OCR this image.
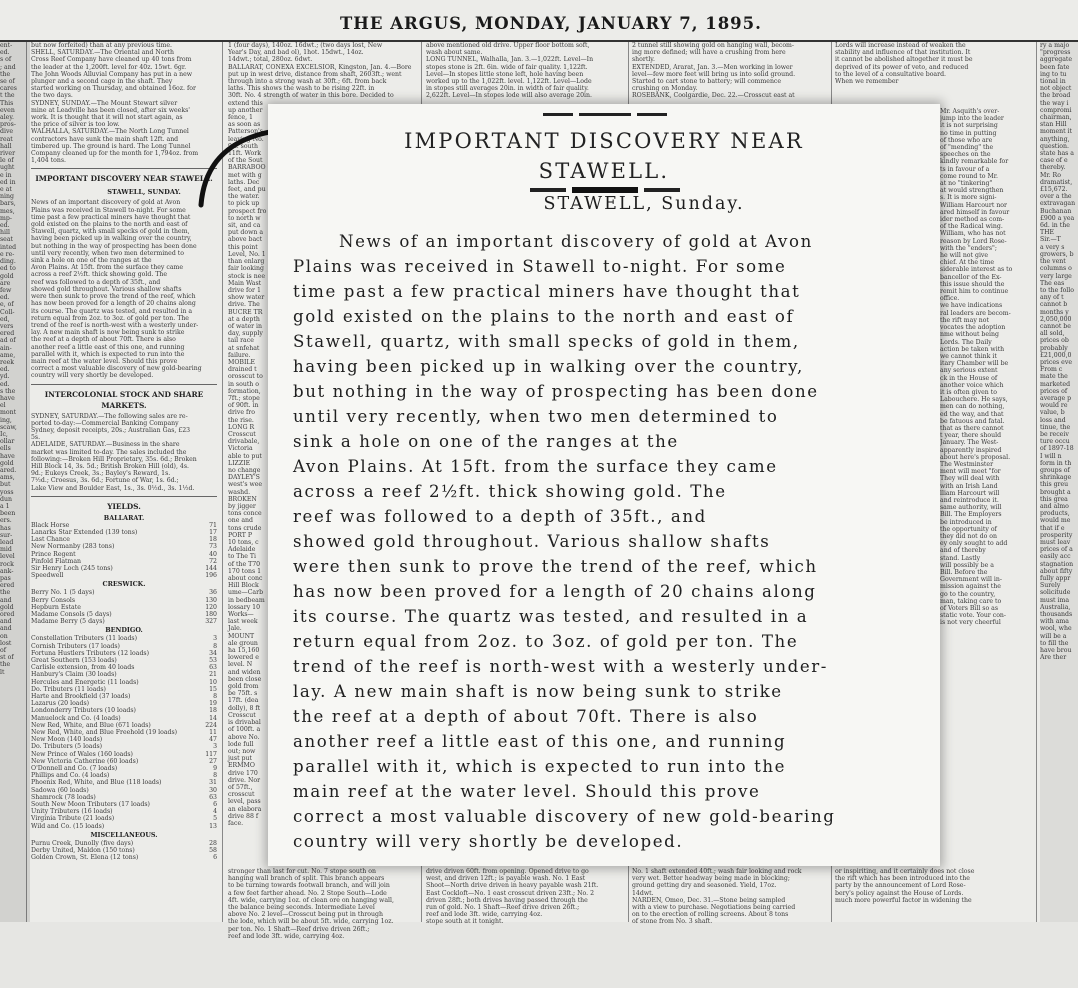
THE ARGUS, MONDAY, JANUARY 7, 1895.
ent-
ed.
s of
; and
the
se of
cares
t the
This
even
aley.
pros-
dive
reat
hall
river
le of
ught
e in
ed in
e at
ning
bars,
mes,
mp-
ed.
hill
seat
inted
e re-
ding.
ed to
gold
are
few
ed.
e, of
Coll-
ed,
vers
ered
ad of
ain-
ame,
reek
ed.
yd.
ed.
s the
have
el
mont
ing,
scaw,
Ic,
ollar
ells
have
gold
ared.
ams,
but
yoss
dun
a 1
been
ers.
has
sur-
lead
mid
level
rock
ank-
pas
ered
the
and
gold
ored
and
and
on
lost
of
st of
the
lt
but now forfeited) than at any previous time.
SHELL, SATURDAY.—The Oriental and North
Cross Reef Company have cleaned up 40 tons from
the leader at the 1,200ft. level for 40z. 15wt. 6gr.
The John Woods Alluvial Company has put in a new
plunger and a second cage in the shaft. They
started working on Thursday, and obtained 16oz. for
the two days.
SYDNEY, SUNDAY.—The Mount Stewart silver
mine at Leadville has been closed, after six weeks'
work. It is thought that it will not start again, as
the price of silver is too low.
WALHALLA, SATURDAY.—The North Long Tunnel
contractors have sunk the main shaft 12ft. and
timbered up. The ground is hard. The Long Tunnel
Company cleaned up for the month for 1,794oz. from
1,404 tons.
IMPORTANT DISCOVERY NEAR STAWELL.
STAWELL, SUNDAY.
News of an important discovery of gold at Avon
Plains was received in Stawell to-night. For some
time past a few practical miners have thought that
gold existed on the plains to the north and east of
Stawell, quartz, with small specks of gold in them,
having been picked up in walking over the country,
but nothing in the way of prospecting has been done
until very recently, when two men determined to
sink a hole on one of the ranges at the
Avon Plains. At 15ft. from the surface they came
across a reef 2½ft. thick showing gold. The
reef was followed to a depth of 35ft., and
showed gold throughout. Various shallow shafts
were then sunk to prove the trend of the reef, which
has now been proved for a length of 20 chains along
its course. The quartz was tested, and resulted in a
return equal from 2oz. to 3oz. of gold per ton. The
trend of the reef is north-west with a westerly under-
lay. A new main shaft is now being sunk to strike
the reef at a depth of about 70ft. There is also
another reef a little east of this one, and running
parallel with it, which is expected to run into the
main reef at the water level. Should this prove
correct a most valuable discovery of new gold-bearing
country will very shortly be developed.
INTERCOLONIAL STOCK AND SHARE MARKETS.
SYDNEY, SATURDAY.—The following sales are re-
ported to-day:—Commercial Banking Company
Sydney, deposit receipts, 20s.; Australian Gas, £23
5s.
ADELAIDE, SATURDAY.—Business in the share
market was limited to-day. The sales included the
following:—Broken Hill Proprietary, 35s. 6d.; Broken
Hill Block 14, 3s. 5d.; British Broken Hill (old), 4s.
9d.; Eukeys Creek, 3s.; Bayley's Reward, 1s.
7½d.; Croesus, 3s. 6d.; Fortune of War, 1s. 6d.;
Lake View and Boulder East, 1s., 3s. 0½d., 3s. 1½d.
YIELDS.
BALLARAT.
Black Horse	71
Lanarks Star Extended (139 tons)	17
Last Chance	18
New Normanby (283 tons)	73
Prince Regent	40
Pinfold Flatman	72
Sir Henry Loch (245 tons)	144
Speedwell	196
CRESWICK.
Berry No. 1 (5 days)	36
Berry Consols	130
Hepburn Estate	120
Madame Consols (5 days)	180
Madame Berry (5 days)	327
BENDIGO.
Constellation Tributers (11 loads)	3
Cornish Tributers (17 loads)	8
Fortuna Hustlers Tributers (12 loads)	34
Great Southern (153 loads)	53
Carlisle extension, from 40 loads	63
Hanbury's Claim (30 loads)	21
Hercules and Energetic (11 loads)	10
Do. Tributers (11 loads)	15
Harte and Brookfield (37 loads)	8
Lazarus (20 loads)	19
Londonderry Tributers (10 loads)	18
Manuelock and Co. (4 loads)	14
New Red, White, and Blue (671 loads)	224
New Red, White, and Blue Freehold (19 loads)	11
New Moon (140 loads)	47
Do. Tributers (5 loads)	3
New Prince of Wales (160 loads)	117
New Victoria Catherine (60 loads)	27
O'Donnell and Co. (7 loads)	9
Phillips and Co. (4 loads)	8
Phoenix Red, White, and Blue (118 loads)	31
Sadowa (60 loads)	30
Shamrock (78 loads)	63
South New Moon Tributers (17 loads)	6
Unity Tributers (16 loads)	4
Virginia Tribute (21 loads)	5
Wild and Co. (15 loads)	13
MISCELLANEOUS.
Purnu Creek, Dunolly (five days)	28
Derby United, Maldon (150 tons)	58
Golden Crown, St. Elena (12 tons)	6
1 (four days), 140oz. 16dwt.; (two days lost, New
Year's Day, and bad ol), 1hot. 15dwt., 14oz.
14dwt.; total, 280oz. 6dwt.
BALLARAT, CONEXA EXCELSIOR, Kingston, Jan. 4.—Bore
put up in west drive, distance from shaft, 2603ft.; went
through into a strong wash at 30ft.; 6ft. from back
laths. This shows the wash to be rising 22ft. in
30ft. No. 4 strength of water in this bore. Decided to
extend this
up another
fence, 1
as soon as
Patterson's
leaving No.
9ft. south
11ft. Work
of the Sout
BARRABOO
met with g
laths. Dec
feet, and pu
the water.
to pick up
prospect fro
to north w
sit, and ca
put down a
above bact
this point
Level, No. 1
than enlarg
fair looking
stock is nee
Main Wast
drive for 1
show water
drive. The
BUCRE TR
at a depth
of water in
day, supply
tail race
at snfehat
failure.
MOBILE
drained t
orosscut to
in south o
formation,
7ft.; stope
of 90ft. in
drive fro
the rise.
LONG R
Crosscut
drivabale,
Victoria
able to put
LIZZIE
no change
DAYLEY'S
west's wee
washd.
BROKEN
by jigger
tons conce
one and
tons crude
PORT P
10 tons, c
Adelaide
to The Ti
of the T70
170 tons 1
about conc
Hill Block
ume—Carb
in bedbeam
lossary 10
Works—
last week
Jale.
MOUNT
ale groun
ha 15,160
lowered e
level. N
and widen
been close
gold from
be 75ft. s
17ft. (dea
dolly), 8 ft
Crosscut
is drivabal
of 100ft. a
above No.
lode full
out; now
just put
ERMMO
drive 170
drive. Nor
of 57ft.,
crosscut
level, pass
an elabora
drive 88 f
face.
above mentioned old drive. Upper floor bottom soft,
wash about same.
LONG TUNNEL, Walhalla, Jan. 3.—1,022ft. Level—In
stopes stone is 2ft. 6in. wide of fair quality. 1,122ft.
Level—In stopes little stone left, hole having been
worked up to the 1,022ft. level. 1,122ft. Level—Lode
in stopes still averages 20in. in width of fair quality.
2,622ft. Level—In stopes lode will also average 20in.
2 tunnel still showing gold on hanging wall, becom-
ing more defined; will have a crushing from here
shortly.
EXTENDED, Ararat, Jan. 3.—Men working in lower
level—few more feet will bring us into solid ground.
Started to cart stone to battery; will commence
crushing on Monday.
ROSEBANK, Coolgardie, Dec. 22.—Crosscut east at
Lords will increase instead of weaken the
stability and influence of that institution. It
it cannot be abolished altogether it must be
deprived of its power of veto, and reduced
to the level of a consultative board.
When we remember
Mr. Asquith's over-
jump into the leader
it is not surprising
no time in putting
of those who are
of "mending" the
speeches on the
kindly remarkable for
ts in favour of a
come round to Mr.
at no "tinkering"
at would strengthen
s. It is more signi-
William Harcourt nor
ared himself in favour
ider method as com-
of the Radical wing.
William, who has not
reason by Lord Rose-
with the "enders";
he will not give
chief. At the time
siderable interest as to
bancellor of the Ex-
this issue should the
remit him to continue
office.
we have indications
ral leaders are becom-
the rift may not
vocates the adoption
nme without being
Lords. The Daily
action be taken with
we cannot think it
itary Chamber will be
any serious extent
ck in the House of
another voice which
it is often given to
Labouchere. He says,
men can do nothing,
ed the way, and that
be fatuous and fatal.
that as there cannot
t year, there should
January. The West-
apparently inspired
about here's proposal.
The Westminster
ment will meet "for
They will deal with
with an Irish Land
lliam Harcourt will
and reintroduce it.
same authority, will
Bill. The Employers
be introduced in
the opportunity of
they did not do on
ey only sought to add
and of thereby
stand. Lastly
will possibly be a
Bill. Before the
Government will in-
mission against the
go to the country,
man, taking care to
of Voters Bill so as
static vote. Your con-
is not very cheerful
ry a majo
"progress
aggregate
been fate
ing to tu
tional in
not object
the broad
the way i
compromi
chairman,
stan Hill
moment it
anything,
question.
state has a
case of e
thereby.
Mr. Ro
dramatist,
£15,672.
over a the
extravagan
Buchanan
£900 a yea
6d. in the
THE
Sir.—T
a very s
growers, b
the vent
columns o
very large
The eas
to the follo
any of t
cannot b
months y
2,050,000
cannot be
all sold,
prices ob
probably
£21,000,0
prices eve
From c
mate the
marketed
prices of
average p
would re
value, b
loss and
tinue, the
be receiv
ture occu
of 1897-18
I will n
form in th
groups of
shrinkage
this greu
brought a
this grea
and almo
products,
would me
that if e
prosperity
must leav
prices of a
easily acc
stagnation
about fifty
fully appr
Surely
solicitude
must ima
Australia,
thousands
with ama
wool, whe
will be a
to fill the
have brou
Are ther
stronger than last for cut. No. 7 stope south on
hanging wall branch of split. This branch appears
to be turning towards footwall branch, and will join
a few feet farther ahead. No. 2 Stope South—Lode
4ft. wide, carrying 1oz. of clean ore on hanging wall,
the balance being seconds. Intermediate Level
above No. 2 level—Crosscut being put in through
the lode, which will be about 5ft. wide, carrying 1oz.
per ton. No. 1 Shaft—Reef drive driven 26ft.;
reef and lode 3ft. wide, carrying 4oz.
drive driven 60ft. from opening. Opened drive to go
west, and driven 12ft.; is payable wash. No. 1 East
Shoot—North drive driven in heavy payable wash 21ft.
East Cockloft—No. 1 east crosscut driven 23ft.; No. 2
driven 28ft.; both drives having passed through the
run of gold. No. 1 Shaft—Reef drive driven 26ft.;
reef and lode 3ft. wide, carrying 4oz.
stope south at it tonight.
No. 1 shaft extended 40ft.; wash fair looking and rock
very wet. Better headway being made in blocking;
ground getting dry and seasoned. Yield, 17oz.
14dwt.
NARDEN, Omeo, Dec. 31.—Stone being sampled
with a view to purchase. Negotiations being carried
on to the erection of rolling screens. About 8 tons
of stone from No. 3 shaft.
or inspiriting, and it certainly does not close
the rift which has been introduced into the
party by the announcement of Lord Rose-
bery's policy against the House of Lords.
much more powerful factor in widening the
IMPORTANT DISCOVERY NEAR
STAWELL.
STAWELL, Sunday.
News of an important discovery of gold at Avon
Plains was received in Stawell to-night. For some
time past a few practical miners have thought that
gold existed on the plains to the north and east of
Stawell, quartz, with small specks of gold in them,
having been picked up in walking over the country,
but nothing in the way of prospecting has been done
until very recently, when two men determined to
sink a hole on one of the ranges at the
Avon Plains. At 15ft. from the surface they came
across a reef 2½ft. thick showing gold. The
reef was followed to a depth of 35ft., and
showed gold throughout. Various shallow shafts
were then sunk to prove the trend of the reef, which
has now been proved for a length of 20 chains along
its course. The quartz was tested, and resulted in a
return equal from 2oz. to 3oz. of gold per ton. The
trend of the reef is north-west with a westerly under-
lay. A new main shaft is now being sunk to strike
the reef at a depth of about 70ft. There is also
another reef a little east of this one, and running
parallel with it, which is expected to run into the
main reef at the water level. Should this prove
correct a most valuable discovery of new gold-bearing
country will very shortly be developed.
